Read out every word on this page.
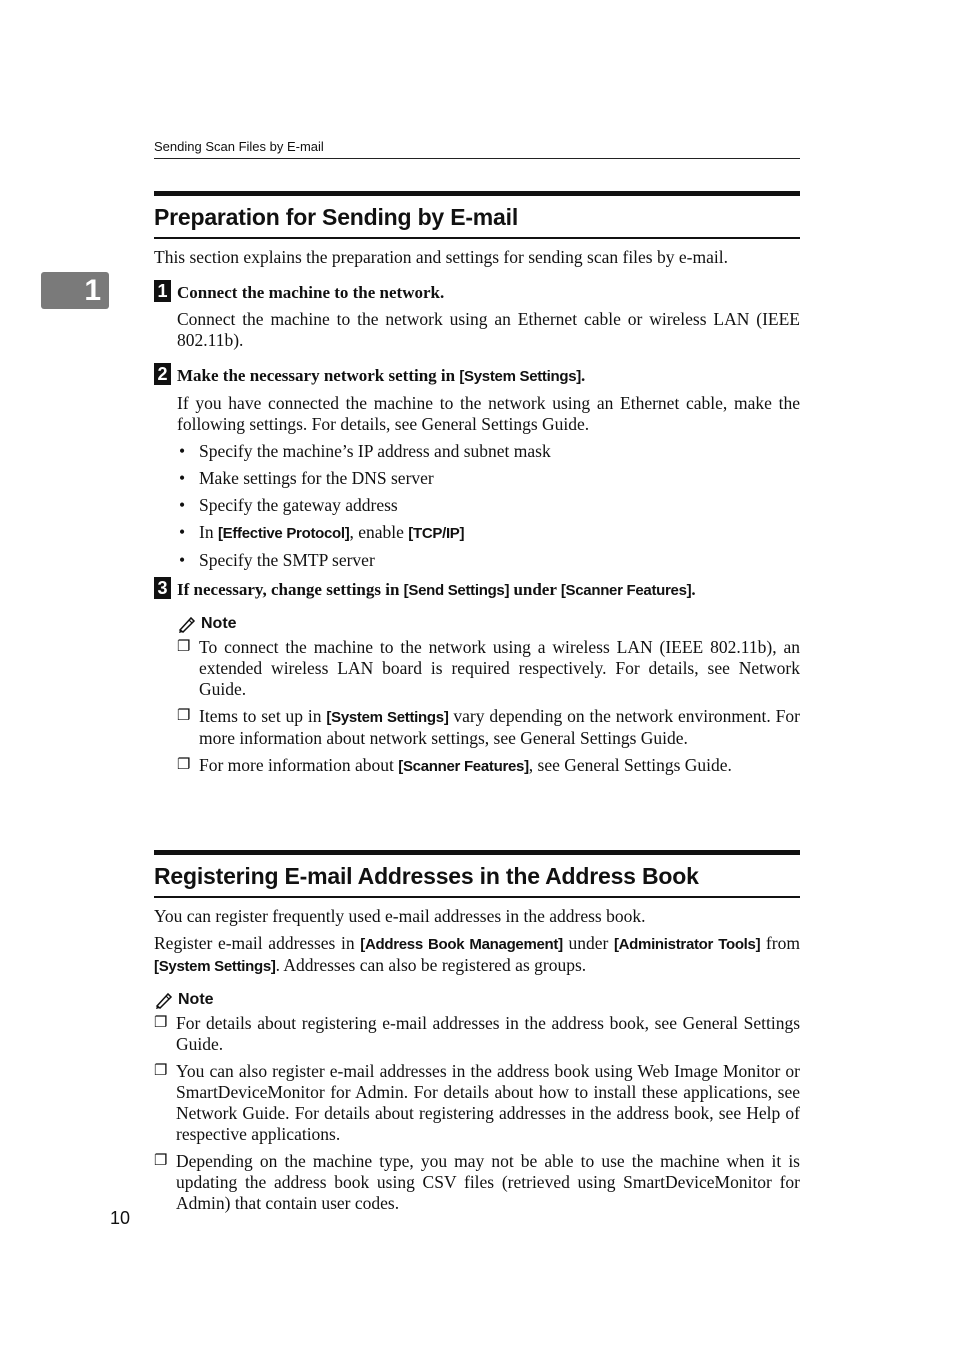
Sending Scan Files by E-mail
1
Preparation for Sending by E-mail

This section explains the preparation and settings for sending scan files by e-mail.

1 Connect the machine to the network.

Connect the machine to the network using an Ethernet cable or wireless LAN (IEEE 802.11b).

2 Make the necessary network setting in [System Settings].

If you have connected the machine to the network using an Ethernet cable, make the following settings. For details, see General Settings Guide.

• Specify the machine’s IP address and subnet mask
• Make settings for the DNS server
• Specify the gateway address
• In [Effective Protocol], enable [TCP/IP]
• Specify the SMTP server
3 If necessary, change settings in [Send Settings] under [Scanner Features].
Note
❐ To connect the machine to the network using a wireless LAN (IEEE 802.11b), an extended wireless LAN board is required respectively. For details, see Network Guide.
❐ Items to set up in [System Settings] vary depending on the network environment. For more information about network settings, see General Settings Guide.
❐ For more information about [Scanner Features], see General Settings Guide.
Registering E-mail Addresses in the Address Book

You can register frequently used e-mail addresses in the address book.

Register e-mail addresses in [Address Book Management] under [Administrator Tools] from [System Settings]. Addresses can also be registered as groups.

Note
❐ For details about registering e-mail addresses in the address book, see General Settings Guide.
❐ You can also register e-mail addresses in the address book using Web Image Monitor or SmartDeviceMonitor for Admin. For details about how to install these applications, see Network Guide. For details about registering addresses in the address book, see Help of respective applications.
❐ Depending on the machine type, you may not be able to use the machine when it is updating the address book using CSV files (retrieved using SmartDeviceMonitor for Admin) that contain user codes.
10
